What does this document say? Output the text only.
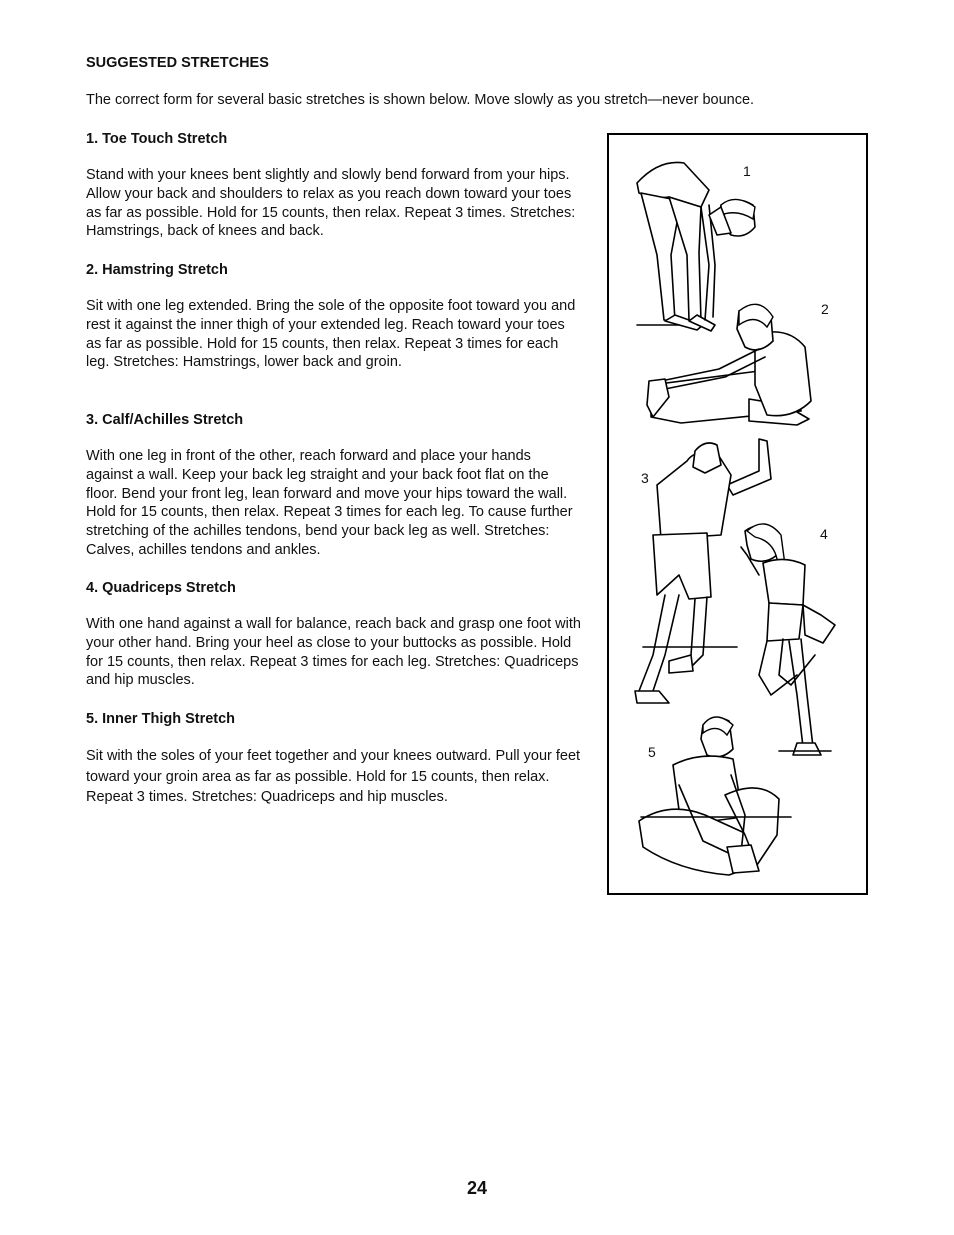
SUGGESTED STRETCHES

The correct form for several basic stretches is shown below. Move slowly as you stretch—never bounce.

1. Toe Touch Stretch

Stand with your knees bent slightly and slowly bend forward from your hips. Allow your back and shoulders to relax as you reach down toward your toes as far as possible. Hold for 15 counts, then relax. Repeat 3 times. Stretches: Hamstrings, back of knees and back.

2. Hamstring Stretch

Sit with one leg extended. Bring the sole of the opposite foot toward you and rest it against the inner thigh of your extended leg. Reach toward your toes as far as possible. Hold for 15 counts, then relax. Repeat 3 times for each leg. Stretches: Hamstrings, lower back and groin.

3. Calf/Achilles Stretch

With one leg in front of the other, reach forward and place your hands against a wall. Keep your back leg straight and your back foot flat on the floor. Bend your front leg, lean forward and move your hips toward the wall. Hold for 15 counts, then relax. Repeat 3 times for each leg. To cause further stretching of the achilles tendons, bend your back leg as well. Stretches: Calves, achilles tendons and ankles.

4. Quadriceps Stretch

With one hand against a wall for balance, reach back and grasp one foot with your other hand. Bring your heel as close to your buttocks as possible. Hold for 15 counts, then relax. Repeat 3 times for each leg. Stretches: Quadriceps and hip muscles.

5. Inner Thigh Stretch

Sit with the soles of your feet together and your knees outward. Pull your feet toward your groin area as far as possible. Hold for 15 counts, then relax. Repeat 3 times. Stretches: Quadriceps and hip muscles.

1
2
3
4
5
24
